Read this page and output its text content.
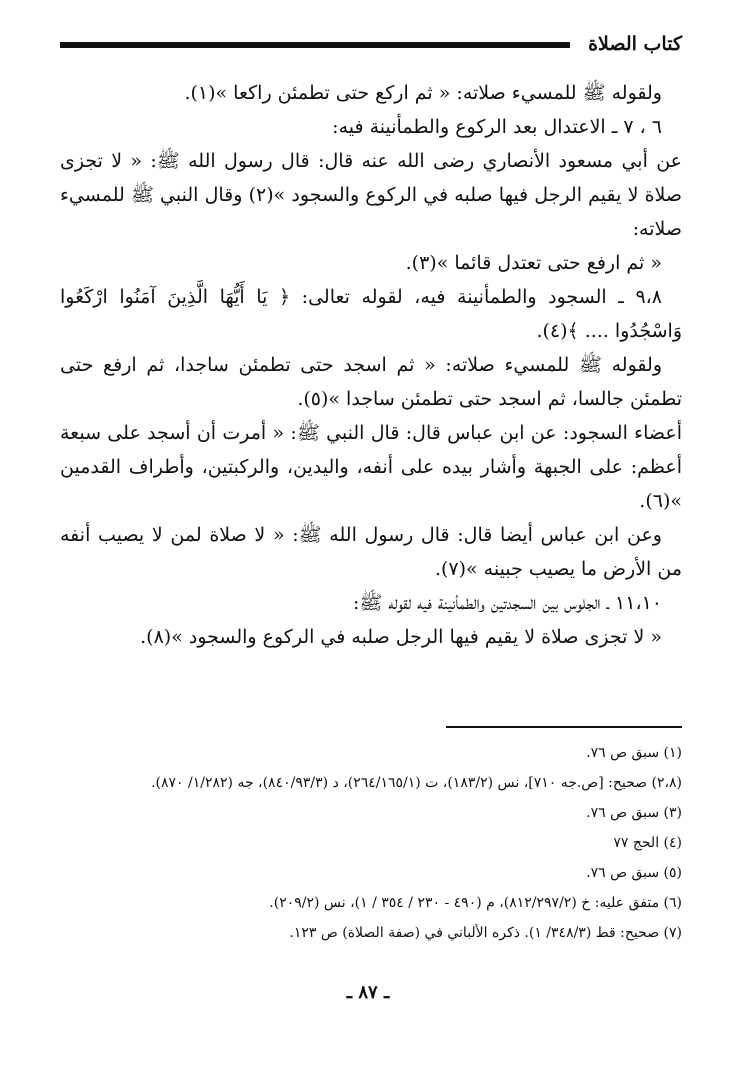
كتاب الصلاة

ولقوله ﷺ للمسيء صلاته: « ثم اركع حتى تطمئن راكعا »(١).

٦ ، ٧ ـ الاعتدال بعد الركوع والطمأنينة فيه:

عن أبي مسعود الأنصاري رضى الله عنه قال: قال رسول الله ﷺ: « لا تجزى صلاة لا يقيم الرجل فيها صلبه في الركوع والسجود »(٢) وقال النبي ﷺ للمسيء صلاته:

« ثم ارفع حتى تعتدل قائما »(٣).

٩،٨ ـ السجود والطمأنينة فيه، لقوله تعالى: ﴿ يَا أَيُّهَا الَّذِينَ آمَنُوا ارْكَعُوا وَاسْجُدُوا .... ﴾(٤).

ولقوله ﷺ للمسيء صلاته: « ثم اسجد حتى تطمئن ساجدا، ثم ارفع حتى تطمئن جالسا، ثم اسجد حتى تطمئن ساجدا »(٥).

أعضاء السجود: عن ابن عباس قال: قال النبي ﷺ: « أمرت أن أسجد على سبعة أعظم: على الجبهة وأشار بيده على أنفه، واليدين، والركبتين، وأطراف القدمين »(٦).

وعن ابن عباس أيضا قال: قال رسول الله ﷺ: « لا صلاة لمن لا يصيب أنفه من الأرض ما يصيب جبينه »(٧).

١١،١٠ ـ الجلوس بين السجدتين والطمأنينة فيه لقوله ﷺ:

« لا تجزى صلاة لا يقيم فيها الرجل صلبه في الركوع والسجود »(٨).

(١) سبق ص ٧٦.

(٢،٨) صحيح: [ص.جه ٧١٠]، نس (١٨٣/٢)، ت (٢٦٤/١٦٥/١)، د (٨٤٠/٩٣/٣)، جه (١/٢٨٢/ ٨٧٠).

(٣) سبق ص ٧٦.

(٤) الحج ٧٧

(٥) سبق ص ٧٦.

(٦) متفق عليه: خ (٨١٢/٢٩٧/٢)، م (٤٩٠ - ٢٣٠ / ٣٥٤ / ١)، نس (٢٠٩/٢).

(٧) صحيح: قط (٣٤٨/٣/ ١). ذكره الألباني في (صفة الصلاة) ص ١٢٣.

ـ ٨٧ ـ
